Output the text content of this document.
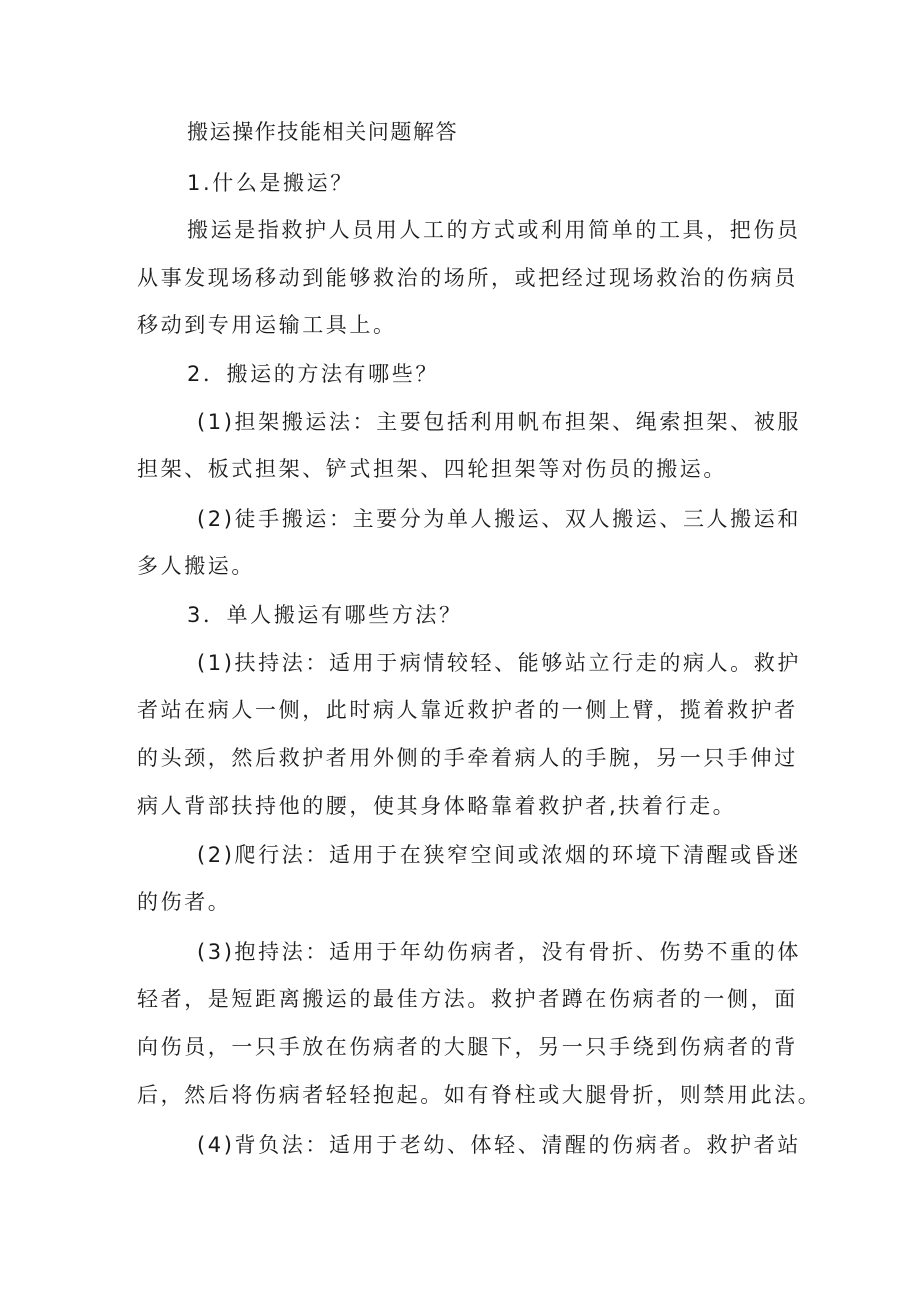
搬运操作技能相关问题解答
1.什么是搬运？
搬运是指救护人员用人工的方式或利用简单的工具，把伤员
从事发现场移动到能够救治的场所，或把经过现场救治的伤病员
移动到专用运输工具上。
2．搬运的方法有哪些？
(1)担架搬运法：主要包括利用帆布担架、绳索担架、被服
担架、板式担架、铲式担架、四轮担架等对伤员的搬运。
(2)徒手搬运：主要分为单人搬运、双人搬运、三人搬运和
多人搬运。
3．单人搬运有哪些方法？
(1)扶持法：适用于病情较轻、能够站立行走的病人。救护
者站在病人一侧，此时病人靠近救护者的一侧上臂，揽着救护者
的头颈，然后救护者用外侧的手牵着病人的手腕，另一只手伸过
病人背部扶持他的腰，使其身体略靠着救护者,扶着行走。
(2)爬行法：适用于在狭窄空间或浓烟的环境下清醒或昏迷
的伤者。
(3)抱持法：适用于年幼伤病者，没有骨折、伤势不重的体
轻者，是短距离搬运的最佳方法。救护者蹲在伤病者的一侧，面
向伤员，一只手放在伤病者的大腿下，另一只手绕到伤病者的背
后，然后将伤病者轻轻抱起。如有脊柱或大腿骨折，则禁用此法。
(4)背负法：适用于老幼、体轻、清醒的伤病者。救护者站
